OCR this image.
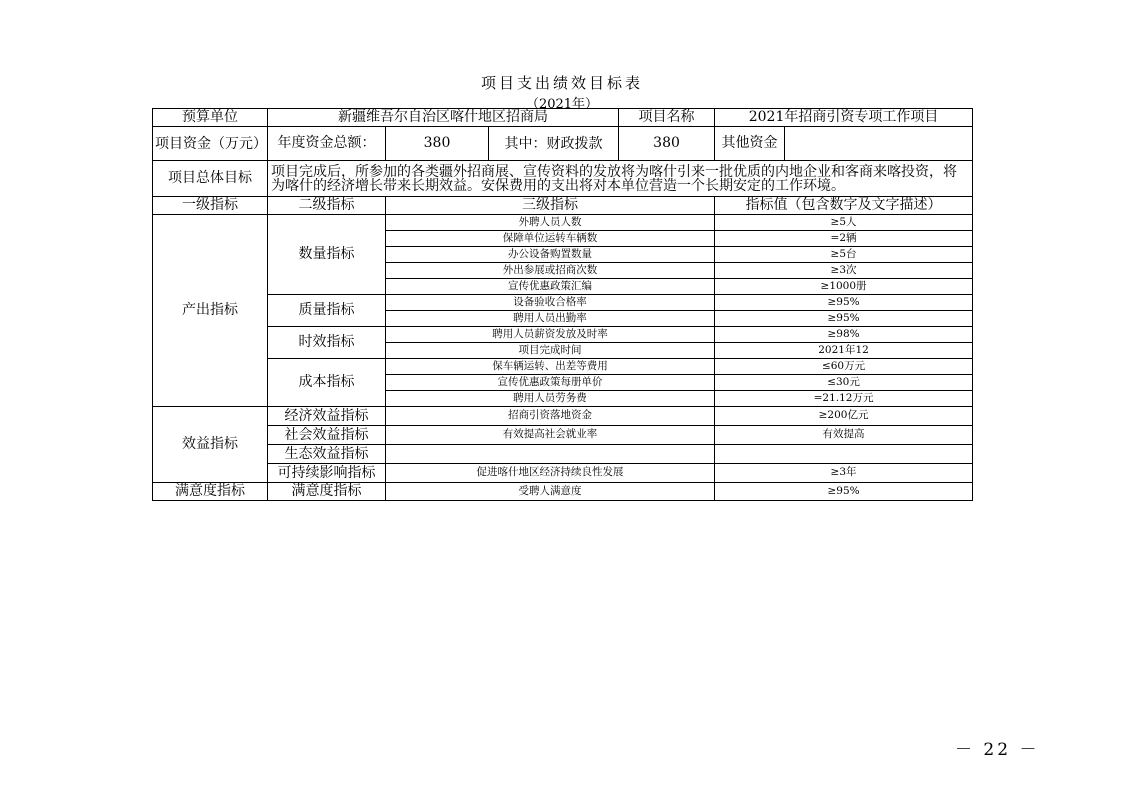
项目支出绩效目标表
（2021年）
预算单位	新疆维吾尔自治区喀什地区招商局			项目名称	2021年招商引资专项工作项目	
项目资金（万元）	年度资金总额：	380	其中：财政拨款	380	其他资金	
项目总体目标	项目完成后，所参加的各类疆外招商展、宣传资料的发放将为喀什引来一批优质的内地企业和客商来喀投资，将为喀什的经济增长带来长期效益。安保费用的支出将对本单位营造一个长期安定的工作环境。					
一级指标	二级指标	三级指标			指标值（包含数字及文字描述）	
产出指标	数量指标	外聘人员人数			≥5人	
		保障单位运转车辆数			=2辆	
		办公设备购置数量			≥5台	
		外出参展或招商次数			≥3次	
		宣传优惠政策汇编			≥1000册	
	质量指标	设备验收合格率			≥95%	
		聘用人员出勤率			≥95%	
	时效指标	聘用人员薪资发放及时率			≥98%	
		项目完成时间			2021年12	
	成本指标	保车辆运转、出差等费用			≤60万元	
		宣传优惠政策每册单价			≤30元	
		聘用人员劳务费			=21.12万元	
效益指标	经济效益指标	招商引资落地资金			≥200亿元	
	社会效益指标	有效提高社会就业率			有效提高	
	生态效益指标					
	可持续影响指标	促进喀什地区经济持续良性发展			≥3年	
满意度指标	满意度指标	受聘人满意度			≥95%	
－ 22 －
